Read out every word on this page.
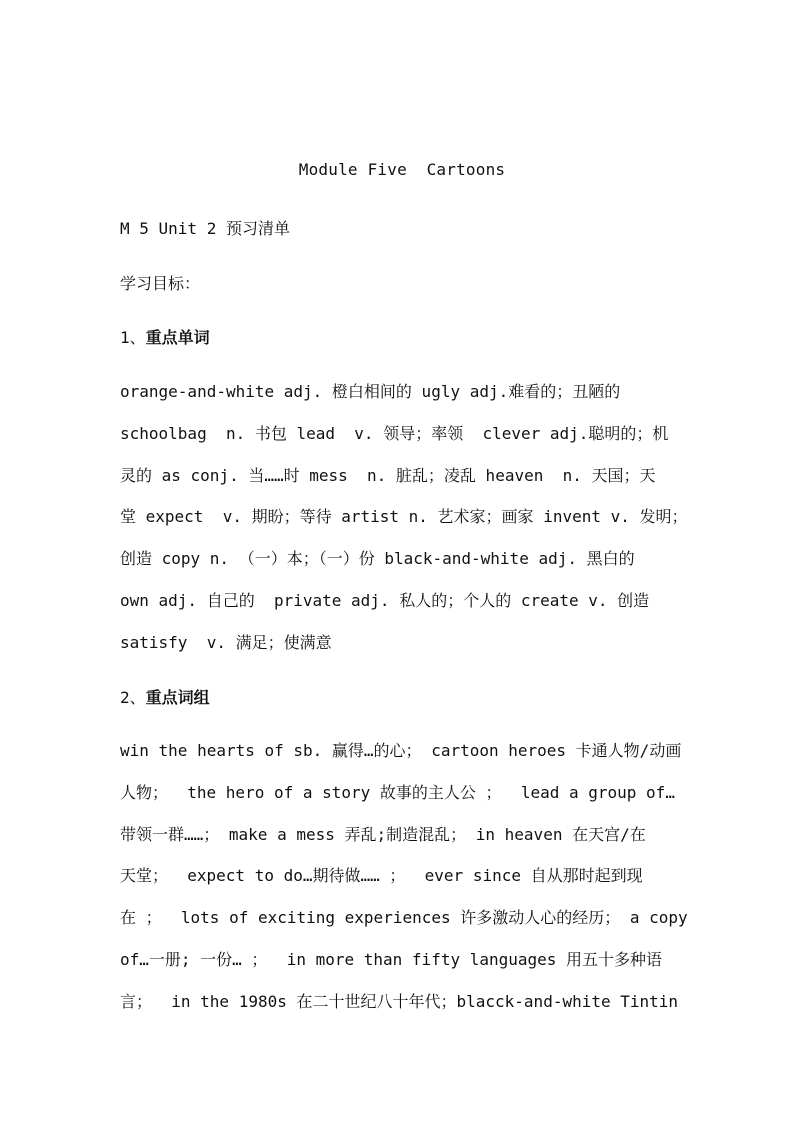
Module Five  Cartoons
M 5 Unit 2 预习清单
学习目标：
1、重点单词
orange-and-white adj. 橙白相间的 ugly adj.难看的；丑陋的
schoolbag  n. 书包 lead  v. 领导；率领  clever adj.聪明的；机
灵的 as conj. 当……时 mess  n. 脏乱；凌乱 heaven  n. 天国；天
堂 expect  v. 期盼；等待 artist n. 艺术家；画家 invent v. 发明；
创造 copy n. （一）本；（一）份 black-and-white adj. 黑白的
own adj. 自己的  private adj. 私人的；个人的 create v. 创造
satisfy  v. 满足；使满意
2、重点词组
win the hearts of sb. 赢得…的心； cartoon heroes 卡通人物/动画
人物；  the hero of a story 故事的主人公 ；  lead a group of…
带领一群……； make a mess 弄乱;制造混乱； in heaven 在天宫/在
天堂；  expect to do…期待做…… ；  ever since 自从那时起到现
在 ；  lots of exciting experiences 许多激动人心的经历； a copy
of…一册; 一份… ；  in more than fifty languages 用五十多种语
言；  in the 1980s 在二十世纪八十年代；blacck-and-white Tintin
